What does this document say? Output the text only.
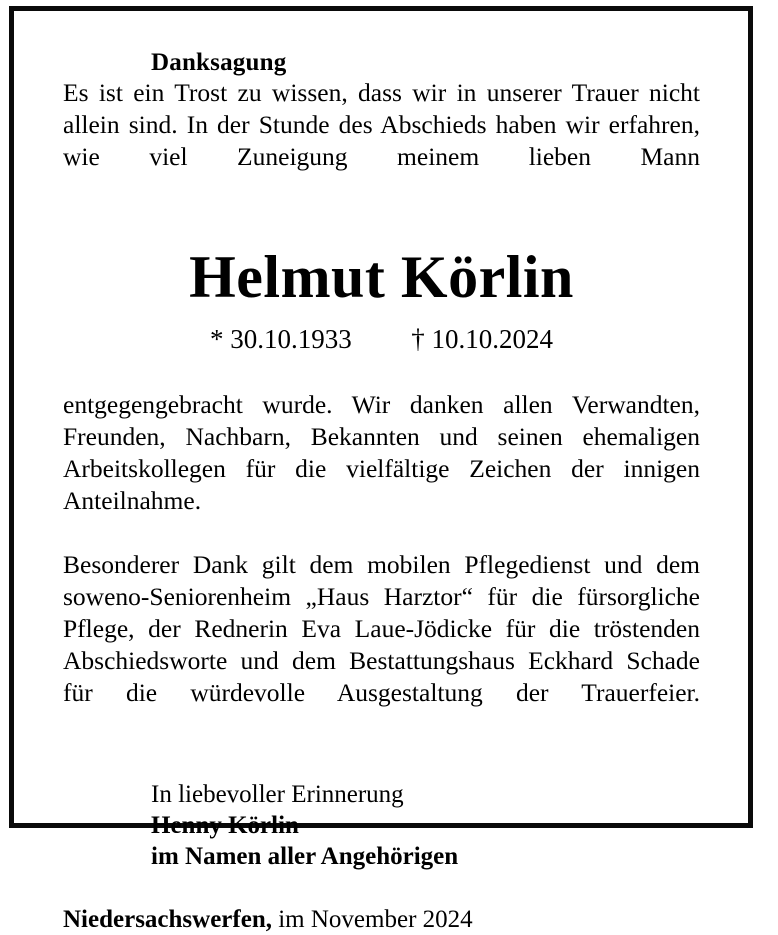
Danksagung

Es ist ein Trost zu wissen, dass wir in unserer Trauer nicht allein sind. In der Stunde des Abschieds haben wir erfahren, wie viel Zuneigung meinem lieben Mann

Helmut Körlin
* 30.10.1933 † 10.10.2024

entgegengebracht wurde. Wir danken allen Verwandten, Freunden, Nachbarn, Bekannten und seinen ehemaligen Arbeitskollegen für die vielfältige Zeichen der innigen Anteilnahme.

Besonderer Dank gilt dem mobilen Pflegedienst und dem soweno-Seniorenheim „Haus Harztor“ für die fürsorgliche Pflege, der Rednerin Eva Laue-Jödicke für die tröstenden Abschiedsworte und dem Bestattungshaus Eckhard Schade für die würdevolle Ausgestaltung der Trauerfeier.

In liebevoller Erinnerung
Henny Körlin
im Namen aller Angehörigen
Niedersachswerfen, im November 2024
